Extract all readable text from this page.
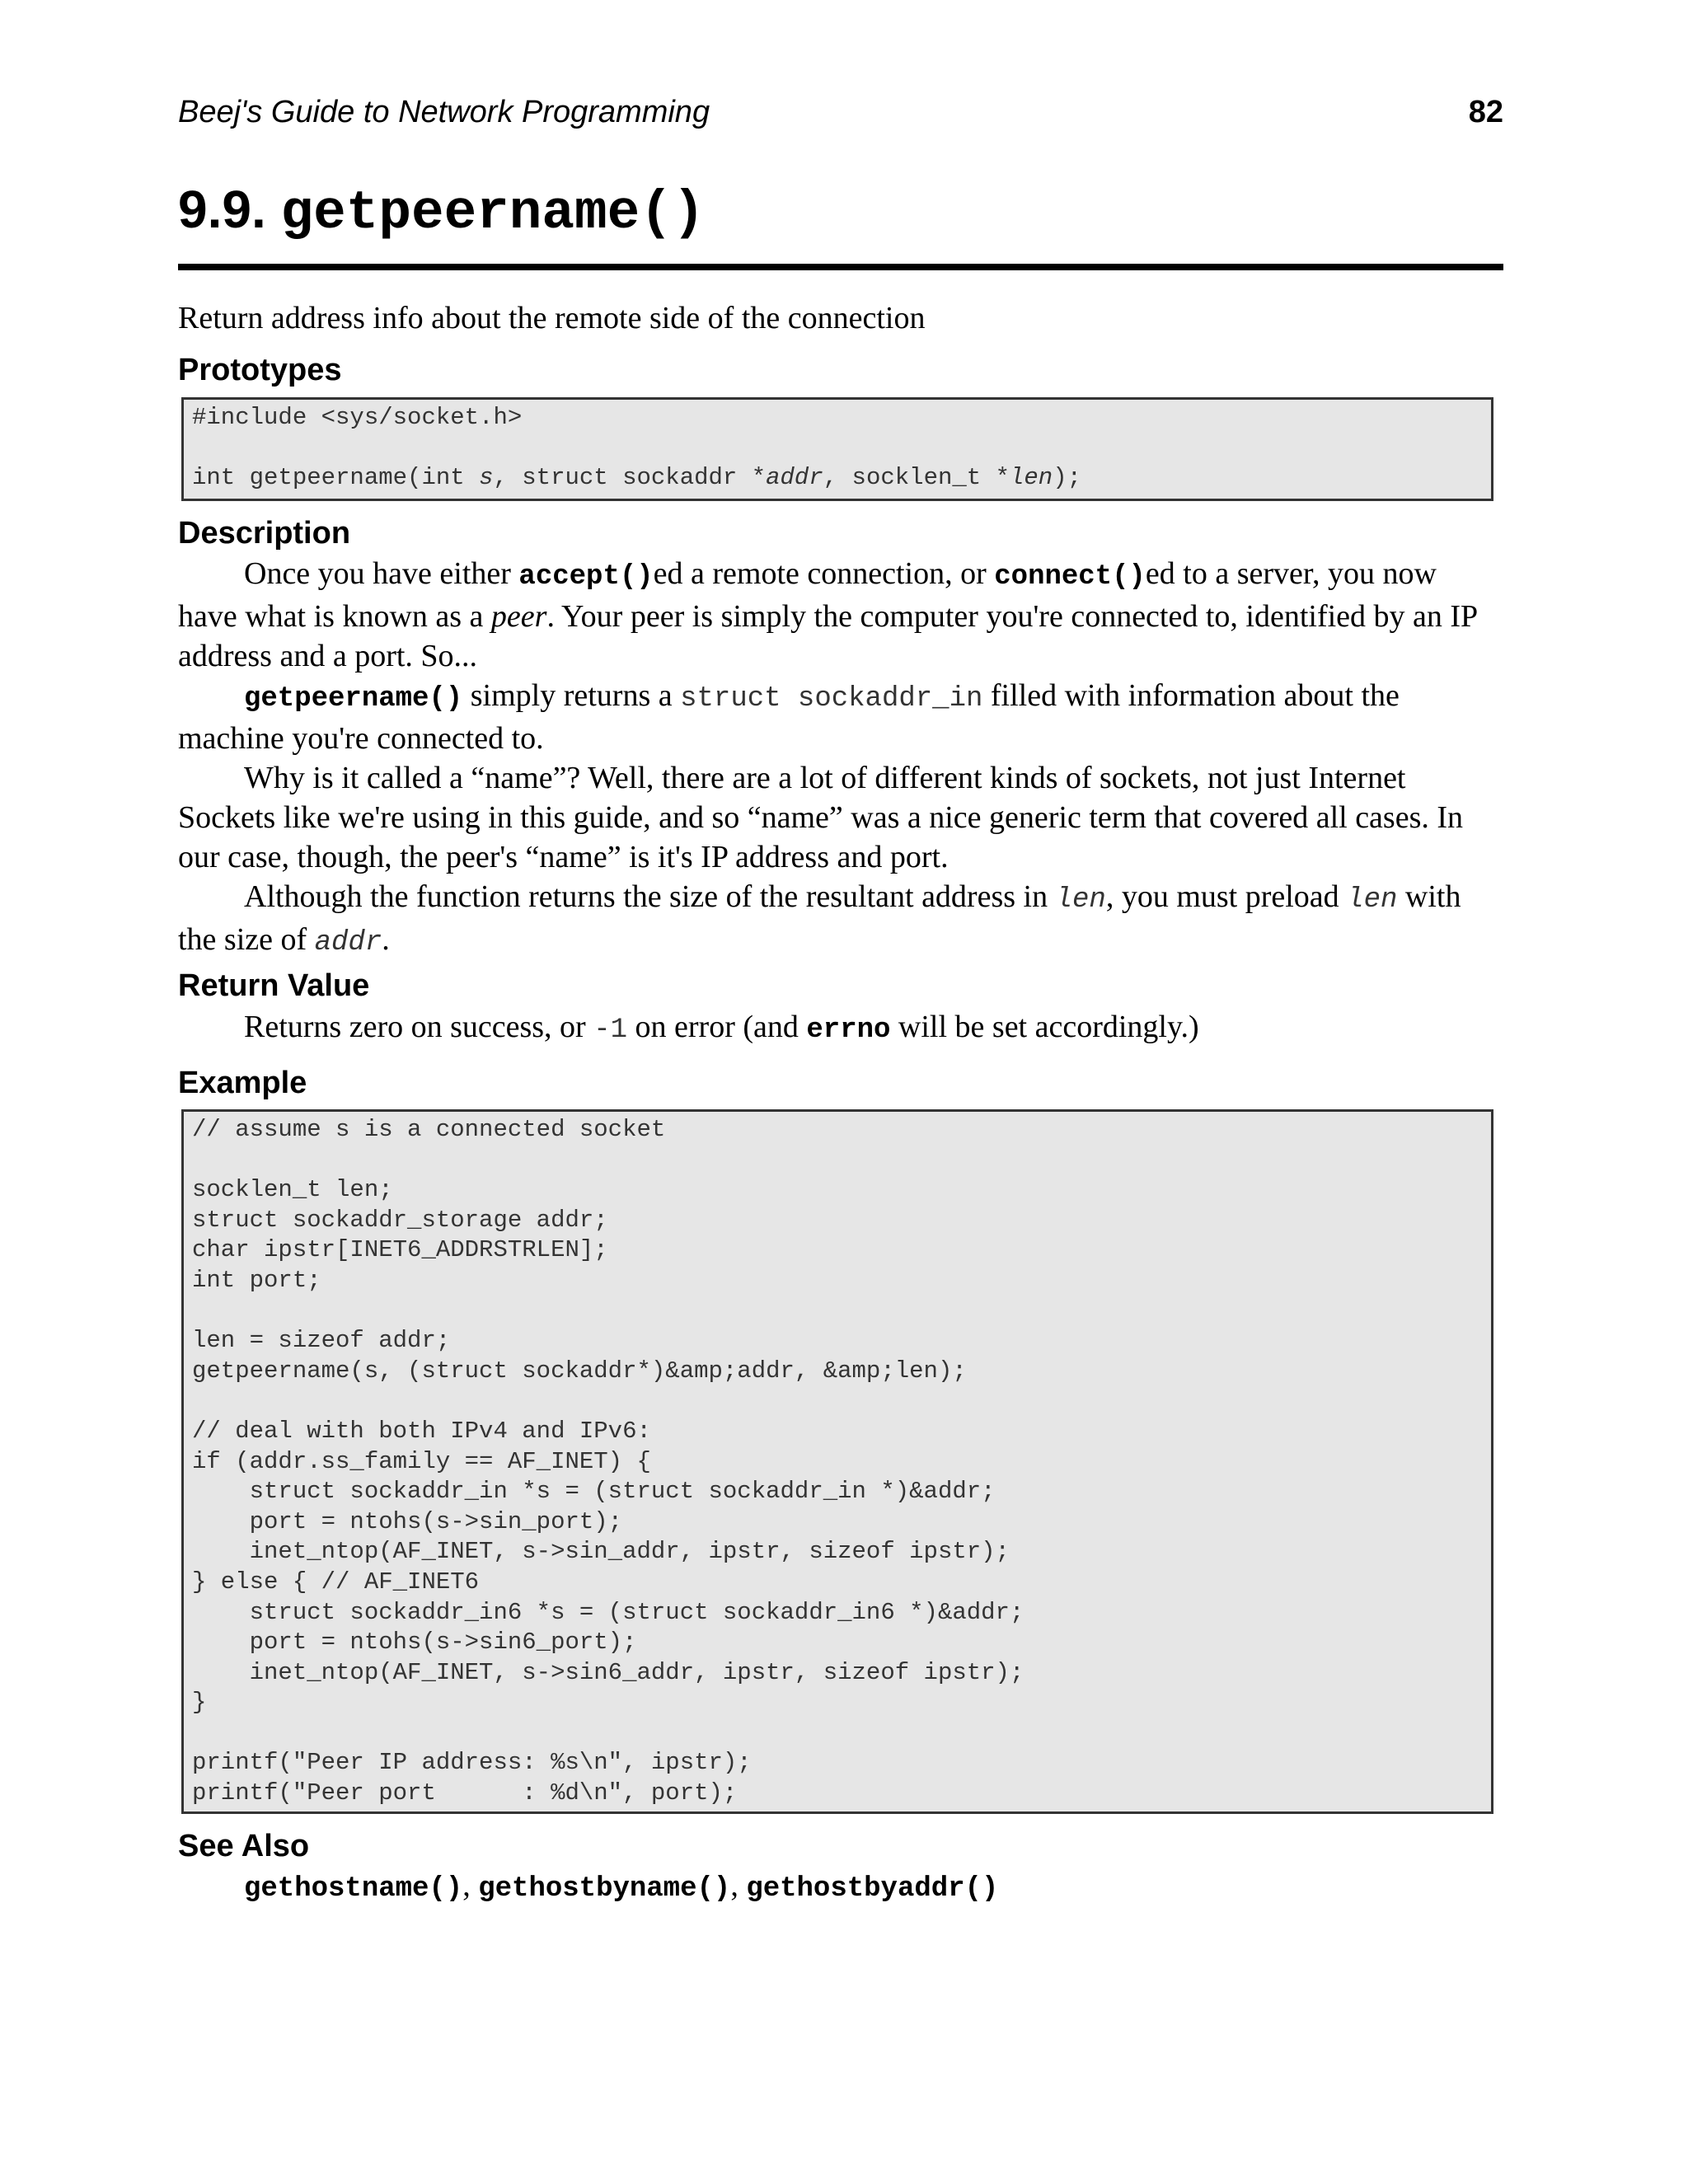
Beej's Guide to Network Programming	82
9.9. getpeername()
Return address info about the remote side of the connection
Prototypes
#include <sys/socket.h>

int getpeername(int s, struct sockaddr *addr, socklen_t *len);
Description

Once you have either accept()ed a remote connection, or connect()ed to a server, you now have what is known as a peer. Your peer is simply the computer you're connected to, identified by an IP address and a port. So...

getpeername() simply returns a struct sockaddr_in filled with information about the machine you're connected to.

Why is it called a “name”? Well, there are a lot of different kinds of sockets, not just Internet Sockets like we're using in this guide, and so “name” was a nice generic term that covered all cases. In our case, though, the peer's “name” is it's IP address and port.

Although the function returns the size of the resultant address in len, you must preload len with the size of addr.

Return Value

Returns zero on success, or -1 on error (and errno will be set accordingly.)

Example
// assume s is a connected socket

socklen_t len;
struct sockaddr_storage addr;
char ipstr[INET6_ADDRSTRLEN];
int port;

len = sizeof addr;
getpeername(s, (struct sockaddr*)&amp;addr, &amp;len);

// deal with both IPv4 and IPv6:
if (addr.ss_family == AF_INET) {
struct sockaddr_in *s = (struct sockaddr_in *)&addr;
port = ntohs(s->sin_port);
inet_ntop(AF_INET, s->sin_addr, ipstr, sizeof ipstr);
} else { // AF_INET6
struct sockaddr_in6 *s = (struct sockaddr_in6 *)&addr;
port = ntohs(s->sin6_port);
inet_ntop(AF_INET, s->sin6_addr, ipstr, sizeof ipstr);
}

printf("Peer IP address: %s\n", ipstr);
printf("Peer port      : %d\n", port);
See Also

gethostname(), gethostbyname(), gethostbyaddr()
